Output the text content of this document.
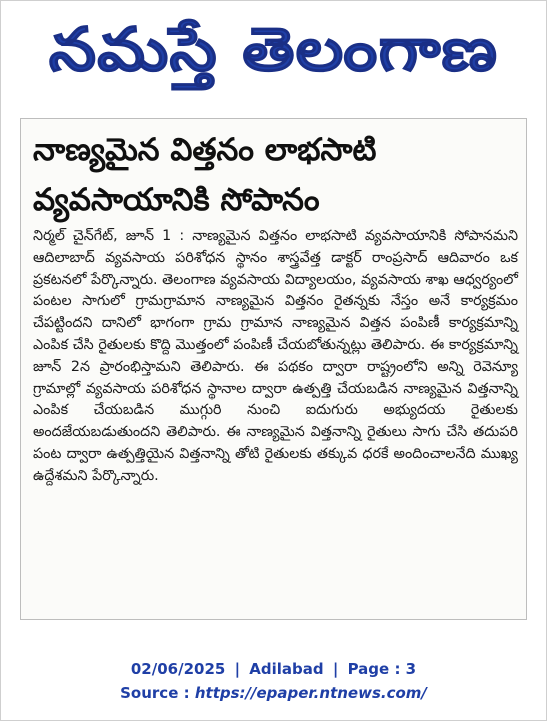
నమస్తే తెలంగాణ
నాణ్యమైన విత్తనం లాభసాటి
వ్యవసాయానికి సోపానం

నిర్మల్ చైన్‌గేట్, జూన్ 1 : నాణ్యమైన విత్తనం లాభసాటి వ్యవసాయానికి సోపానమని ఆదిలాబాద్ వ్యవసాయ పరిశోధన స్థానం శాస్త్రవేత్త డాక్టర్ రాంప్రసాద్ ఆదివారం ఒక ప్రకటనలో పేర్కొన్నారు. తెలంగాణ వ్యవసాయ విద్యాలయం, వ్యవసాయ శాఖ ఆధ్వర్యంలో పంటల సాగులో గ్రామగ్రామాన నాణ్యమైన విత్తనం రైతన్నకు నేస్తం అనే కార్యక్రమం చేపట్టిందని దానిలో భాగంగా గ్రామ గ్రామాన నాణ్యమైన విత్తన పంపిణీ కార్యక్రమాన్ని ఎంపిక చేసి రైతులకు కొద్ది మొత్తంలో పంపిణీ చేయబోతున్నట్లు తెలిపారు. ఈ కార్యక్రమాన్ని జూన్ 2న ప్రారంభిస్తామని తెలిపారు. ఈ పథకం ద్వారా రాష్ట్రంలోని అన్ని రెవెన్యూ గ్రామాల్లో వ్యవసాయ పరిశోధన స్థానాల ద్వారా ఉత్పత్తి చేయబడిన నాణ్యమైన విత్తనాన్ని ఎంపిక చేయబడిన ముగ్గురి నుంచి ఐదుగురు అభ్యుదయ రైతులకు అందజేయబడుతుందని తెలిపారు. ఈ నాణ్యమైన విత్తనాన్ని రైతులు సాగు చేసి తదుపరి పంట ద్వారా ఉత్పత్తియైన విత్తనాన్ని తోటి రైతులకు తక్కువ ధరకే అందించాలనేది ముఖ్య ఉద్దేశమని పేర్కొన్నారు.

02/06/2025 | Adilabad | Page : 3
Source : https://epaper.ntnews.com/
